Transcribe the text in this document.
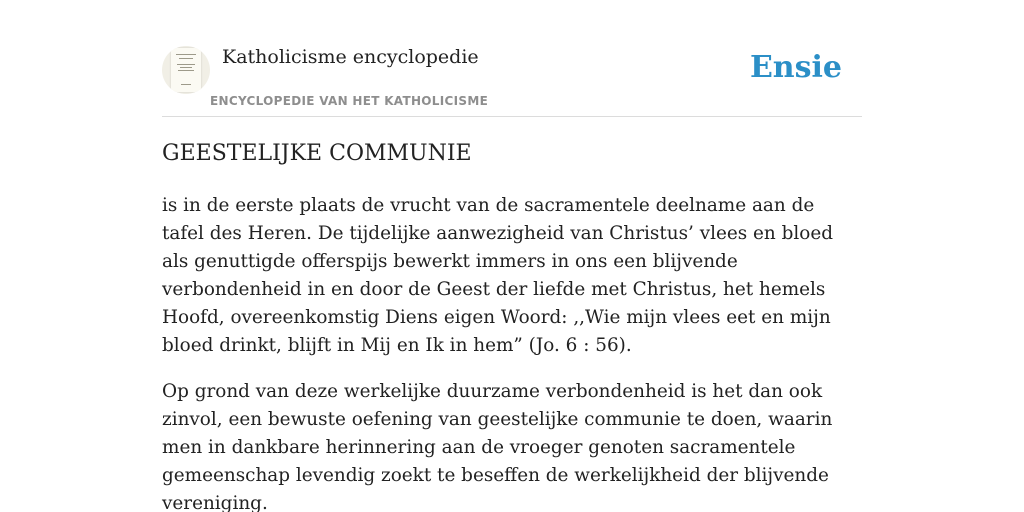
Katholicisme encyclopedie
ENCYCLOPEDIE VAN HET KATHOLICISME
Ensie
GEESTELIJKE COMMUNIE

is in de eerste plaats de vrucht van de sacramentele deelname aan de tafel des Heren. De tijdelijke aanwezigheid van Christus’ vlees en bloed als genuttigde offerspijs bewerkt immers in ons een blijvende verbondenheid in en door de Geest der liefde met Christus, het hemels Hoofd, overeenkomstig Diens eigen Woord: ,,Wie mijn vlees eet en mijn bloed drinkt, blijft in Mij en Ik in hem” (Jo. 6 : 56).

Op grond van deze werkelijke duurzame verbondenheid is het dan ook zinvol, een bewuste oefening van geestelijke communie te doen, waarin men in dankbare herinnering aan de vroeger genoten sacramentele gemeenschap levendig zoekt te beseffen de werkelijkheid der blijvende vereniging.
